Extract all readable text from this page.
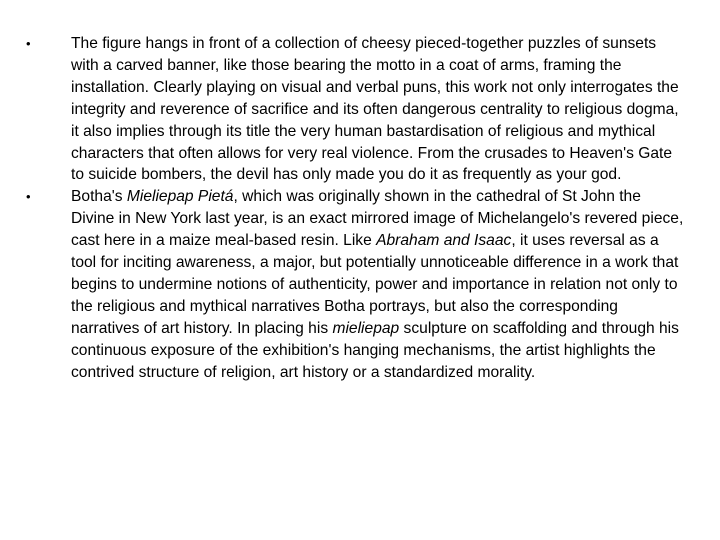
•	The figure hangs in front of a collection of cheesy pieced-together puzzles of sunsets with a carved banner, like those bearing the motto in a coat of arms, framing the installation. Clearly playing on visual and verbal puns, this work not only interrogates the integrity and reverence of sacrifice and its often dangerous centrality to religious dogma, it also implies through its title the very human bastardisation of religious and mythical characters that often allows for very real violence. From the crusades to Heaven's Gate to suicide bombers, the devil has only made you do it as frequently as your god.
•	Botha's Mieliepap Pietá, which was originally shown in the cathedral of St John the Divine in New York last year, is an exact mirrored image of Michelangelo's revered piece, cast here in a maize meal-based resin. Like Abraham and Isaac, it uses reversal as a tool for inciting awareness, a major, but potentially unnoticeable difference in a work that begins to undermine notions of authenticity, power and importance in relation not only to the religious and mythical narratives Botha portrays, but also the corresponding narratives of art history. In placing his mieliepap sculpture on scaffolding and through his continuous exposure of the exhibition's hanging mechanisms, the artist highlights the contrived structure of religion, art history or a standardized morality.
